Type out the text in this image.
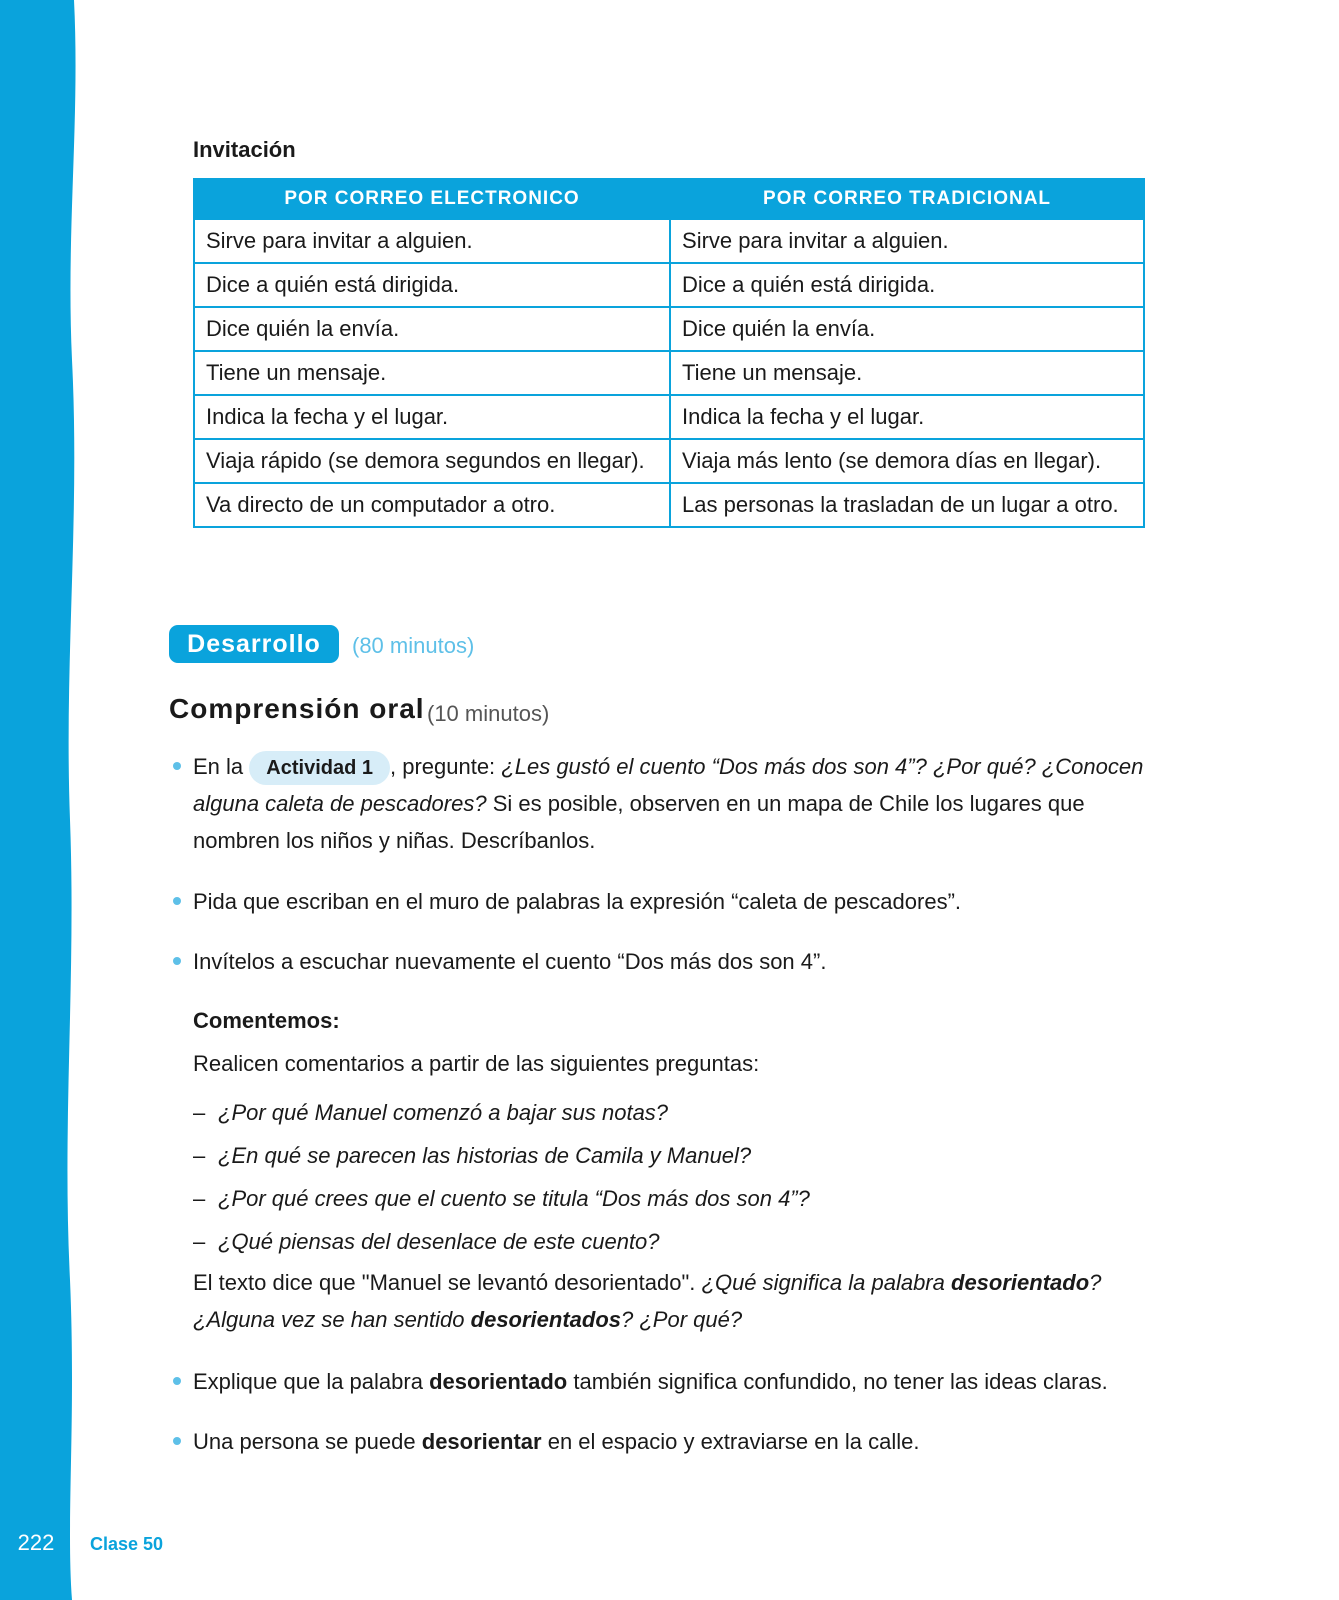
222	Clase 50
Invitación
POR CORREO ELECTRONICO	POR CORREO TRADICIONAL
Sirve para invitar a alguien.	Sirve para invitar a alguien.
Dice a quién está dirigida.	Dice a quién está dirigida.
Dice quién la envía.	Dice quién la envía.
Tiene un mensaje.	Tiene un mensaje.
Indica la fecha y el lugar.	Indica la fecha y el lugar.
Viaja rápido (se demora segundos en llegar).	Viaja más lento (se demora días en llegar).
Va directo de un computador a otro.	Las personas la trasladan de un lugar a otro.
Desarrollo	(80 minutos)
Comprensión oral (10 minutos)
En la Actividad 1 , pregunte: ¿Les gustó el cuento “Dos más dos son 4”? ¿Por qué? ¿Conocen alguna caleta de pescadores? Si es posible, observen en un mapa de Chile los lugares que nombren los niños y niñas. Descríbanlos.
Pida que escriban en el muro de palabras la expresión “caleta de pescadores”.
Invítelos a escuchar nuevamente el cuento “Dos más dos son 4”.
Comentemos:
Realicen comentarios a partir de las siguientes preguntas:
– ¿Por qué Manuel comenzó a bajar sus notas?
– ¿En qué se parecen las historias de Camila y Manuel?
– ¿Por qué crees que el cuento se titula “Dos más dos son 4”?
– ¿Qué piensas del desenlace de este cuento?
El texto dice que "Manuel se levantó desorientado". ¿Qué significa la palabra desorientado? ¿Alguna vez se han sentido desorientados? ¿Por qué?
Explique que la palabra desorientado también significa confundido, no tener las ideas claras.
Una persona se puede desorientar en el espacio y extraviarse en la calle.
